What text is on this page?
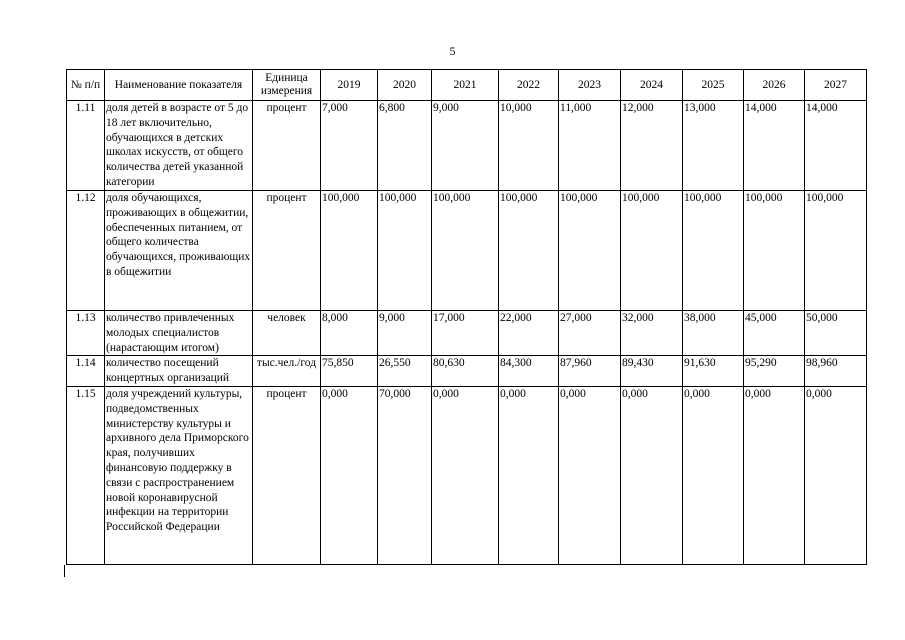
5
№ п/п	Наименование показателя	Единица измерения	2019	2020	2021	2022	2023	2024	2025	2026	2027
1.11	доля детей в возрасте от 5 до 18 лет включительно, обучающихся в детских школах искусств, от общего количества детей указанной категории	процент	7,000	6,800	9,000	10,000	11,000	12,000	13,000	14,000	14,000
1.12	доля обучающихся, проживающих в общежитии, обеспеченных питанием, от общего количества обучающихся, проживающих в общежитии	процент	100,000	100,000	100,000	100,000	100,000	100,000	100,000	100,000	100,000
1.13	количество привлеченных молодых специалистов (нарастающим итогом)	человек	8,000	9,000	17,000	22,000	27,000	32,000	38,000	45,000	50,000
1.14	количество посещений концертных организаций	тыс.чел./год	75,850	26,550	80,630	84,300	87,960	89,430	91,630	95,290	98,960
1.15	доля учреждений культуры, подведомственных министерству культуры и архивного дела Приморского края, получивших финансовую поддержку в связи с распространением новой коронавирусной инфекции на территории Российской Федерации	процент	0,000	70,000	0,000	0,000	0,000	0,000	0,000	0,000	0,000
